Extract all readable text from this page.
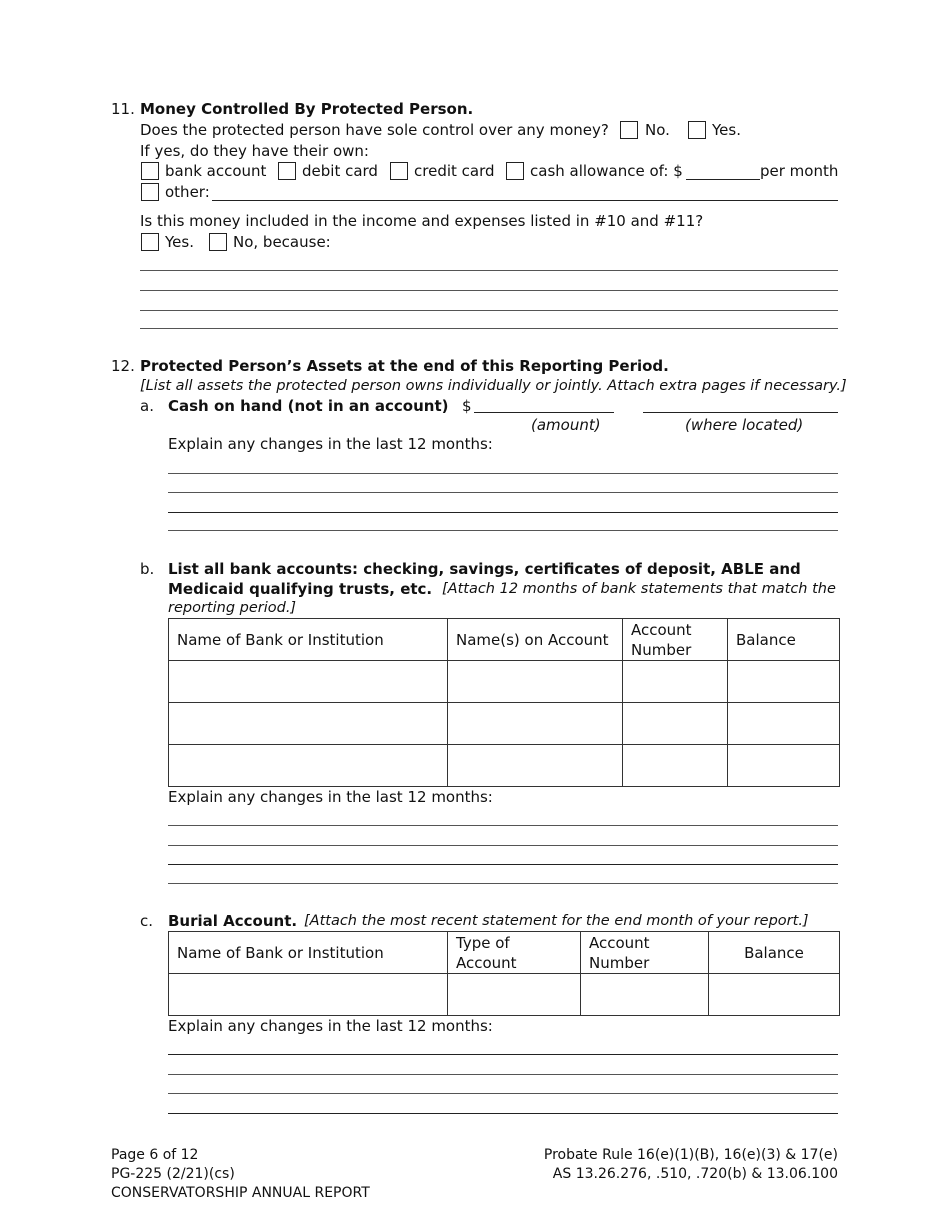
11. Money Controlled By Protected Person.
Does the protected person have sole control over any money? No.	Yes.
If yes, do they have their own:
bank account debit card credit card cash allowance of: $	per month
other:
Is this money included in the income and expenses listed in #10 and #11?
Yes.	No, because:
12. Protected Person’s Assets at the end of this Reporting Period.
[List all assets the protected person owns individually or jointly. Attach extra pages if necessary.]
a. Cash on hand (not in an account) $
(amount)	(where located)
Explain any changes in the last 12 months:
b. List all bank accounts: checking, savings, certificates of deposit, ABLE and
Medicaid qualifying trusts, etc. [Attach 12 months of bank statements that match the
reporting period.]
Name of Bank or Institution	Name(s) on Account	Account Number	Balance

Explain any changes in the last 12 months:
c. Burial Account. [Attach the most recent statement for the end month of your report.]
Name of Bank or Institution	Type of Account	Account Number	Balance

Explain any changes in the last 12 months:
Page 6 of 12
PG-225 (2/21)(cs)
CONSERVATORSHIP ANNUAL REPORT
Probate Rule 16(e)(1)(B), 16(e)(3) & 17(e)
AS 13.26.276, .510, .720(b) & 13.06.100
